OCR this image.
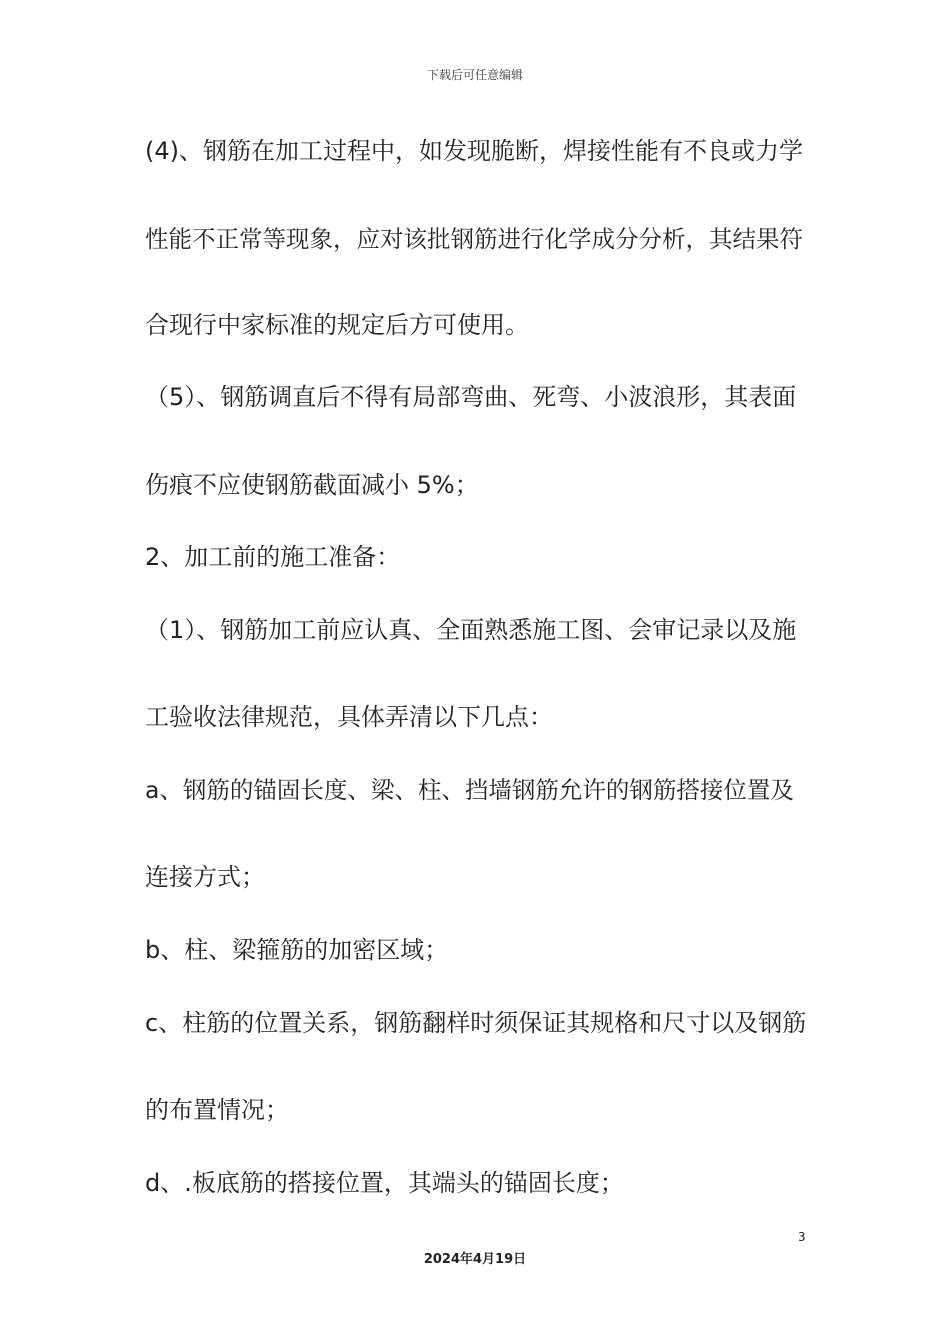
下载后可任意编辑
(4)、钢筋在加工过程中，如发现脆断，焊接性能有不良或力学
性能不正常等现象，应对该批钢筋进行化学成分分析，其结果符
合现行中家标准的规定后方可使用。
（5）、钢筋调直后不得有局部弯曲、死弯、小波浪形，其表面
伤痕不应使钢筋截面减小 5%；
2、加工前的施工准备：
（1）、钢筋加工前应认真、全面熟悉施工图、会审记录以及施
工验收法律规范，具体弄清以下几点：
a、钢筋的锚固长度、梁、柱、挡墙钢筋允许的钢筋搭接位置及
连接方式；
b、柱、梁箍筋的加密区域；
c、柱筋的位置关系，钢筋翻样时须保证其规格和尺寸以及钢筋
的布置情况；
d、.板底筋的搭接位置，其端头的锚固长度；
3
2024年4月19日
